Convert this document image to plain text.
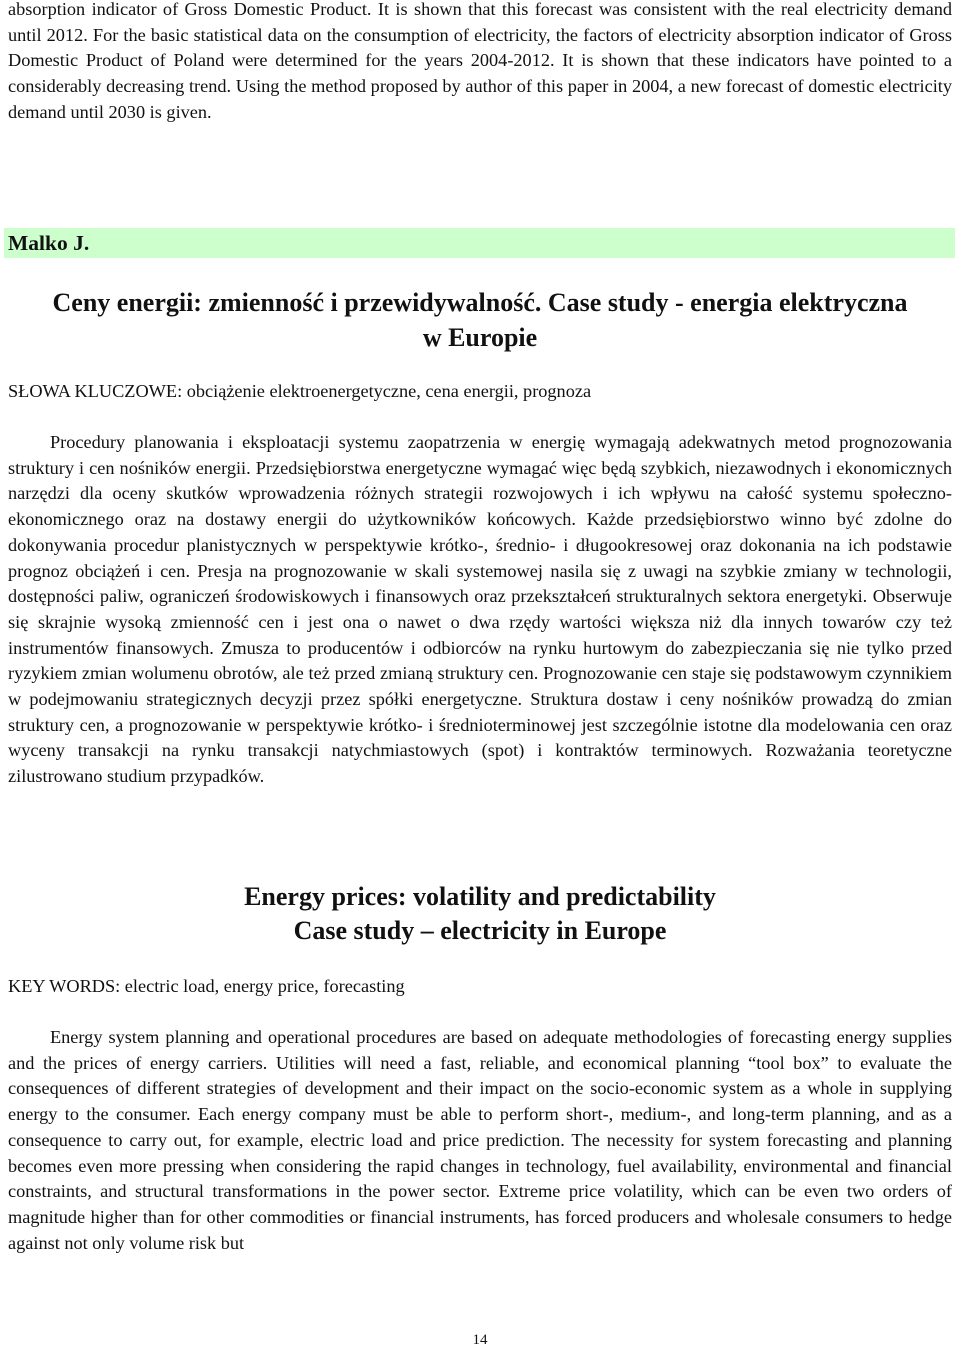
absorption indicator of Gross Domestic Product. It is shown that this forecast was consistent with the real electricity demand until 2012. For the basic statistical data on the consumption of electricity, the factors of electricity absorption indicator of Gross Domestic Product of Poland were determined for the years 2004-2012. It is shown that these indicators have pointed to a considerably decreasing trend. Using the method proposed by author of this paper in 2004, a new forecast of domestic electricity demand until 2030 is given.

Malko J.
Ceny energii: zmienność i przewidywalność. Case study - energia elektryczna
w Europie

SŁOWA KLUCZOWE: obciążenie elektroenergetyczne, cena energii, prognoza

Procedury planowania i eksploatacji systemu zaopatrzenia w energię wymagają adekwatnych metod prognozowania struktury i cen nośników energii. Przedsiębiorstwa energetyczne wymagać więc będą szybkich, niezawodnych i ekonomicznych narzędzi dla oceny skutków wprowadzenia różnych strategii rozwojowych i ich wpływu na całość systemu społeczno-ekonomicznego oraz na dostawy energii do użytkowników końcowych. Każde przedsiębiorstwo winno być zdolne do dokonywania procedur planistycznych w perspektywie krótko-, średnio- i długookresowej oraz dokonania na ich podstawie prognoz obciążeń i cen. Presja na prognozowanie w skali systemowej nasila się z uwagi na szybkie zmiany w technologii, dostępności paliw, ograniczeń środowiskowych i finansowych oraz przekształceń strukturalnych sektora energetyki. Obserwuje się skrajnie wysoką zmienność cen i jest ona o nawet o dwa rzędy wartości większa niż dla innych towarów czy też instrumentów finansowych. Zmusza to producentów i odbiorców na rynku hurtowym do zabezpieczania się nie tylko przed ryzykiem zmian wolumenu obrotów, ale też przed zmianą struktury cen. Prognozowanie cen staje się podstawowym czynnikiem w podejmowaniu strategicznych decyzji przez spółki energetyczne. Struktura dostaw i ceny nośników prowadzą do zmian struktury cen, a prognozowanie w perspektywie krótko- i średnioterminowej jest szczególnie istotne dla modelowania cen oraz wyceny transakcji na rynku transakcji natychmiastowych (spot) i kontraktów terminowych. Rozważania teoretyczne zilustrowano studium przypadków.

Energy prices: volatility and predictability
Case study – electricity in Europe

KEY WORDS: electric load, energy price, forecasting

Energy system planning and operational procedures are based on adequate methodologies of forecasting energy supplies and the prices of energy carriers. Utilities will need a fast, reliable, and economical planning “tool box” to evaluate the consequences of different strategies of development and their impact on the socio-economic system as a whole in supplying energy to the consumer. Each energy company must be able to perform short-, medium-, and long-term planning, and as a consequence to carry out, for example, electric load and price prediction. The necessity for system forecasting and planning becomes even more pressing when considering the rapid changes in technology, fuel availability, environmental and financial constraints, and structural transformations in the power sector. Extreme price volatility, which can be even two orders of magnitude higher than for other commodities or financial instruments, has forced producers and wholesale consumers to hedge against not only volume risk but

14
